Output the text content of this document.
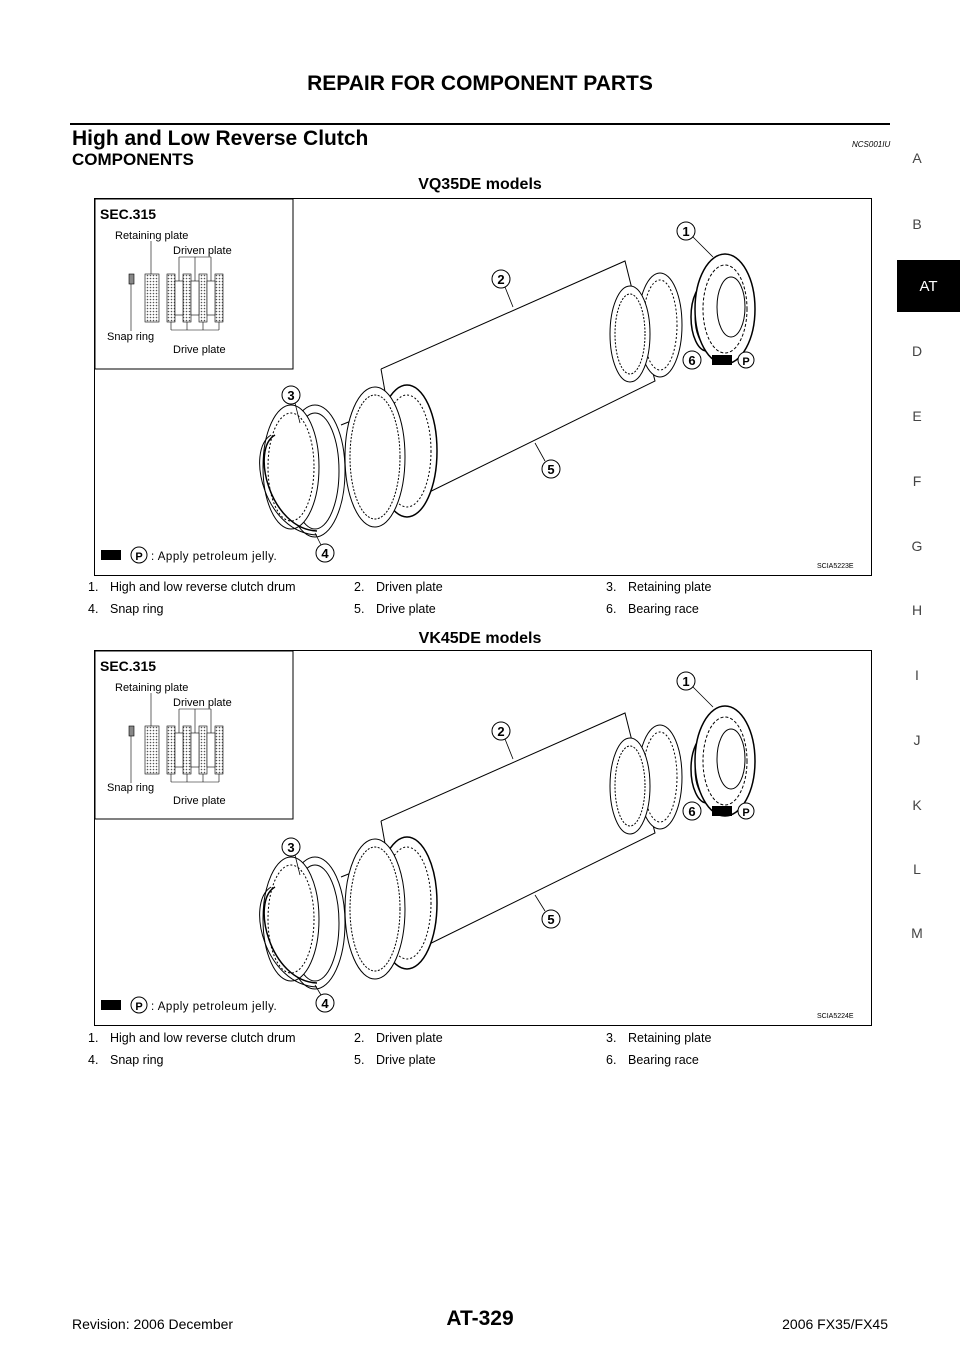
REPAIR FOR COMPONENT PARTS
High and Low Reverse Clutch	NCS001IU
COMPONENTS
VQ35DE models
SEC.315
Retaining plate
Driven plate
Snap ring
Drive plate
1
2
3
4
5
6	P
P : Apply petroleum jelly.
SCIA5223E
1.	High and low reverse clutch drum	2.	Driven plate	3.	Retaining plate
4.	Snap ring	5.	Drive plate	6.	Bearing race
VK45DE models
SEC.315
Retaining plate
Driven plate
Snap ring
Drive plate
1
2
3
4
5
6	P
P : Apply petroleum jelly.
SCIA5224E
1.	High and low reverse clutch drum	2.	Driven plate	3.	Retaining plate
4.	Snap ring	5.	Drive plate	6.	Bearing race
A
B
AT
D
E
F
G
H
I
J
K
L
M
Revision: 2006 December	AT-329	2006 FX35/FX45
